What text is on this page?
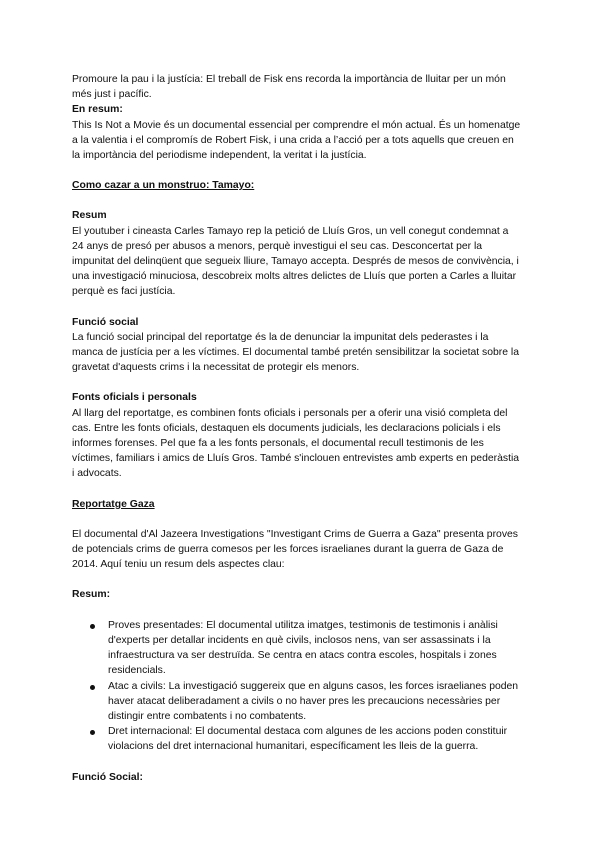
Promoure la pau i la justícia: El treball de Fisk ens recorda la importància de lluitar per un món més just i pacífic.

En resum:

This Is Not a Movie és un documental essencial per comprendre el món actual. És un homenatge a la valentia i el compromís de Robert Fisk, i una crida a l’acció per a tots aquells que creuen en la importància del periodisme independent, la veritat i la justícia.

Como cazar a un monstruo: Tamayo:

Resum

El youtuber i cineasta Carles Tamayo rep la petició de Lluís Gros, un vell conegut condemnat a 24 anys de presó per abusos a menors, perquè investigui el seu cas. Desconcertat per la impunitat del delinqüent que segueix lliure, Tamayo accepta. Després de mesos de convivència, i una investigació minuciosa, descobreix molts altres delictes de Lluís que porten a Carles a lluitar perquè es faci justícia.

Funció social

La funció social principal del reportatge és la de denunciar la impunitat dels pederastes i la manca de justícia per a les víctimes. El documental també pretén sensibilitzar la societat sobre la gravetat d'aquests crims i la necessitat de protegir els menors.

Fonts oficials i personals

Al llarg del reportatge, es combinen fonts oficials i personals per a oferir una visió completa del cas. Entre les fonts oficials, destaquen els documents judicials, les declaracions policials i els informes forenses. Pel que fa a les fonts personals, el documental recull testimonis de les víctimes, familiars i amics de Lluís Gros. També s'inclouen entrevistes amb experts en pederàstia i advocats.

Reportatge Gaza

El documental d'Al Jazeera Investigations "Investigant Crims de Guerra a Gaza" presenta proves de potencials crims de guerra comesos per les forces israelianes durant la guerra de Gaza de 2014. Aquí teniu un resum dels aspectes clau:

Resum:

Proves presentades: El documental utilitza imatges, testimonis de testimonis i anàlisi d'experts per detallar incidents en què civils, inclosos nens, van ser assassinats i la infraestructura va ser destruïda. Se centra en atacs contra escoles, hospitals i zones residencials.
Atac a civils: La investigació suggereix que en alguns casos, les forces israelianes poden haver atacat deliberadament a civils o no haver pres les precaucions necessàries per distingir entre combatents i no combatents.
Dret internacional: El documental destaca com algunes de les accions poden constituir violacions del dret internacional humanitari, específicament les lleis de la guerra.

Funció Social:
